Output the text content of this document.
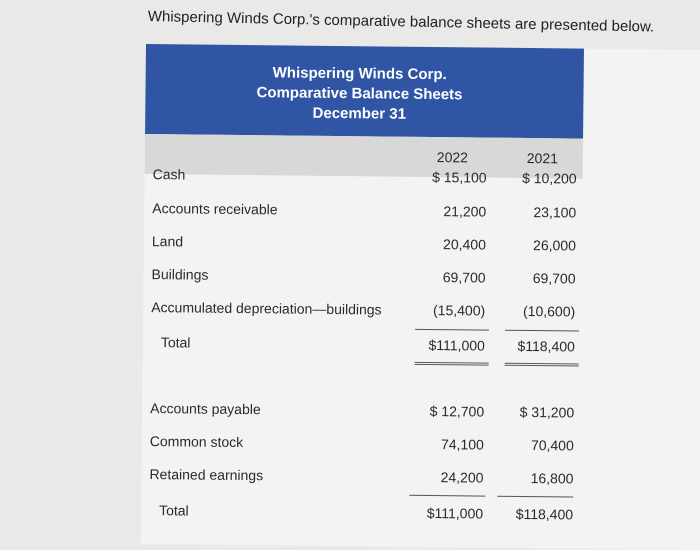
Whispering Winds Corp.'s comparative balance sheets are presented below.
Whispering Winds Corp.
Comparative Balance Sheets
December 31
2022	2021
Cash	$ 15,100	$ 10,200
Accounts receivable	21,200	23,100
Land	20,400	26,000
Buildings	69,700	69,700
Accumulated depreciation—buildings	(15,400)	(10,600)
Total	$111,000 $118,400
Accounts payable	$ 12,700	$ 31,200
Common stock	74,100	70,400
Retained earnings	24,200	16,800
Total	$111,000 $118,400
